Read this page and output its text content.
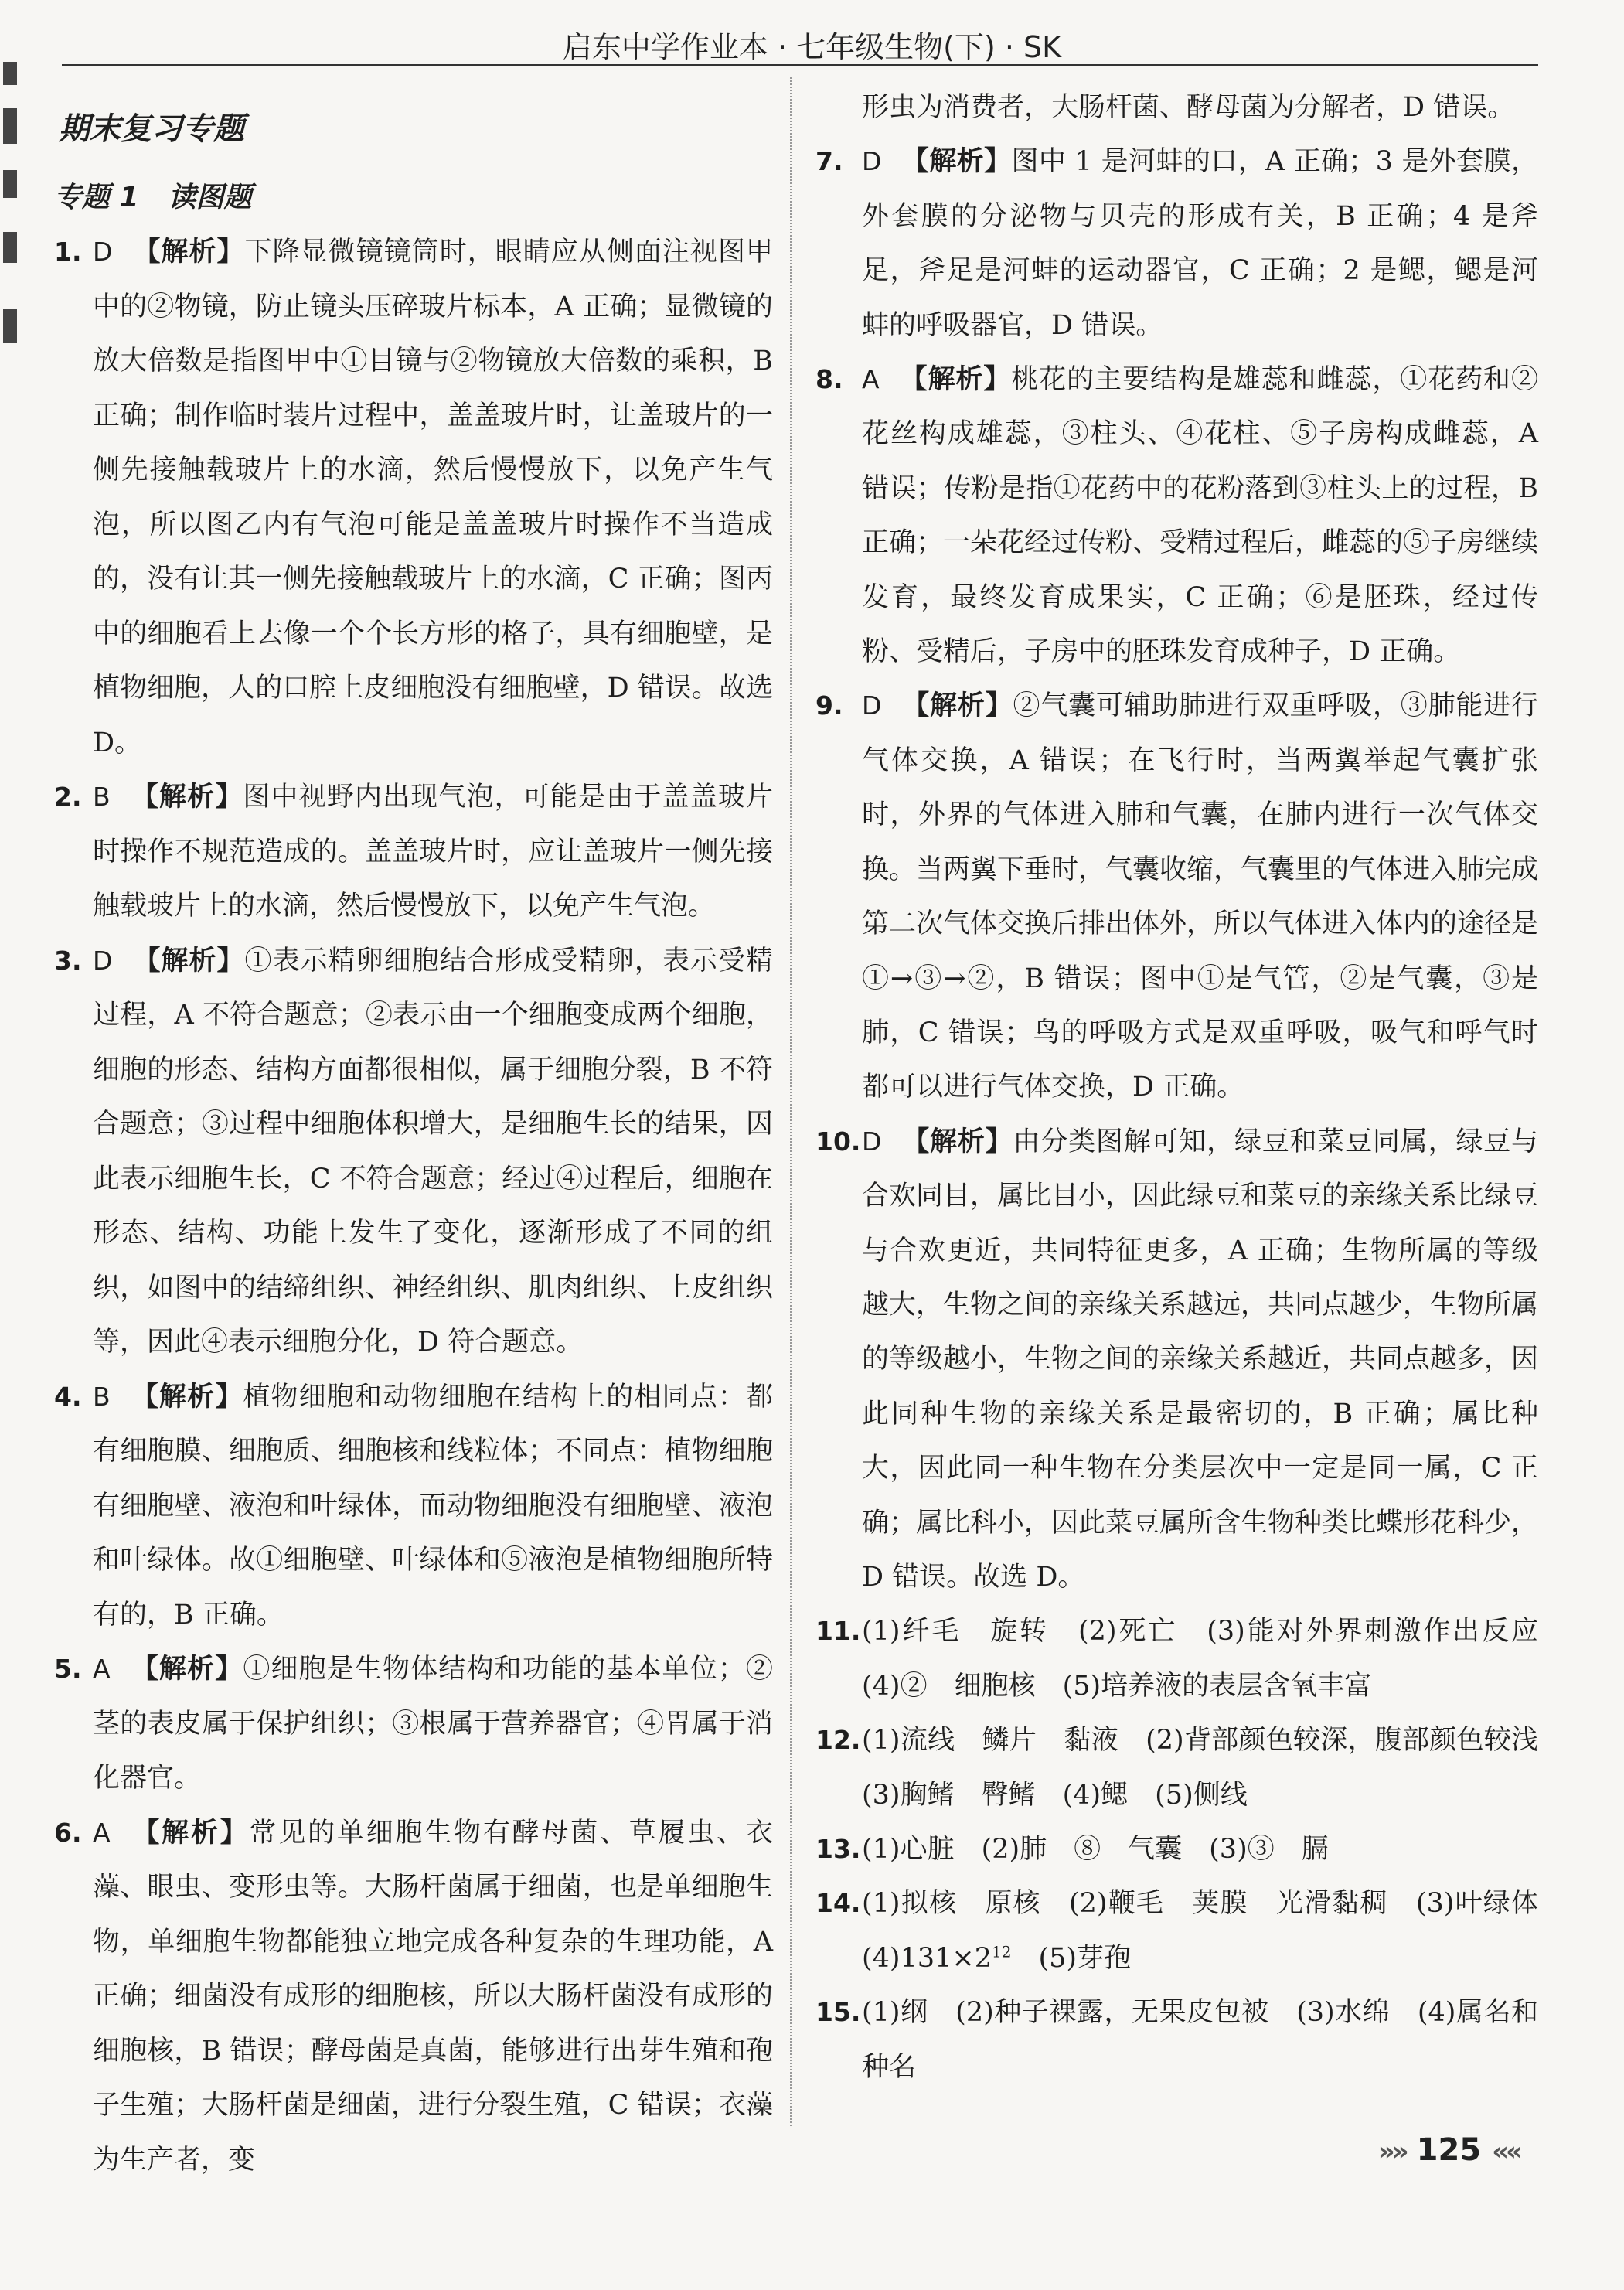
启东中学作业本 · 七年级生物(下) · SK
期末复习专题
专题 1 读图题
1. D 【解析】下降显微镜镜筒时，眼睛应从侧面注视图甲中的②物镜，防止镜头压碎玻片标本，A 正确；显微镜的放大倍数是指图甲中①目镜与②物镜放大倍数的乘积，B 正确；制作临时装片过程中，盖盖玻片时，让盖玻片的一侧先接触载玻片上的水滴，然后慢慢放下，以免产生气泡，所以图乙内有气泡可能是盖盖玻片时操作不当造成的，没有让其一侧先接触载玻片上的水滴，C 正确；图丙中的细胞看上去像一个个长方形的格子，具有细胞壁，是植物细胞，人的口腔上皮细胞没有细胞壁，D 错误。故选 D。
2. B 【解析】图中视野内出现气泡，可能是由于盖盖玻片时操作不规范造成的。盖盖玻片时，应让盖玻片一侧先接触载玻片上的水滴，然后慢慢放下，以免产生气泡。
3. D 【解析】①表示精卵细胞结合形成受精卵，表示受精过程，A 不符合题意；②表示由一个细胞变成两个细胞，细胞的形态、结构方面都很相似，属于细胞分裂，B 不符合题意；③过程中细胞体积增大，是细胞生长的结果，因此表示细胞生长，C 不符合题意；经过④过程后，细胞在形态、结构、功能上发生了变化，逐渐形成了不同的组织，如图中的结缔组织、神经组织、肌肉组织、上皮组织等，因此④表示细胞分化，D 符合题意。
4. B 【解析】植物细胞和动物细胞在结构上的相同点：都有细胞膜、细胞质、细胞核和线粒体；不同点：植物细胞有细胞壁、液泡和叶绿体，而动物细胞没有细胞壁、液泡和叶绿体。故①细胞壁、叶绿体和⑤液泡是植物细胞所特有的，B 正确。
5. A 【解析】①细胞是生物体结构和功能的基本单位；②茎的表皮属于保护组织；③根属于营养器官；④胃属于消化器官。
6. A 【解析】常见的单细胞生物有酵母菌、草履虫、衣藻、眼虫、变形虫等。大肠杆菌属于细菌，也是单细胞生物，单细胞生物都能独立地完成各种复杂的生理功能，A 正确；细菌没有成形的细胞核，所以大肠杆菌没有成形的细胞核，B 错误；酵母菌是真菌，能够进行出芽生殖和孢子生殖；大肠杆菌是细菌，进行分裂生殖，C 错误；衣藻为生产者，变
形虫为消费者，大肠杆菌、酵母菌为分解者，D 错误。
7. D 【解析】图中 1 是河蚌的口，A 正确；3 是外套膜，外套膜的分泌物与贝壳的形成有关，B 正确；4 是斧足，斧足是河蚌的运动器官，C 正确；2 是鳃，鳃是河蚌的呼吸器官，D 错误。
8. A 【解析】桃花的主要结构是雄蕊和雌蕊，①花药和②花丝构成雄蕊，③柱头、④花柱、⑤子房构成雌蕊，A 错误；传粉是指①花药中的花粉落到③柱头上的过程，B 正确；一朵花经过传粉、受精过程后，雌蕊的⑤子房继续发育，最终发育成果实，C 正确；⑥是胚珠，经过传粉、受精后，子房中的胚珠发育成种子，D 正确。
9. D 【解析】②气囊可辅助肺进行双重呼吸，③肺能进行气体交换，A 错误；在飞行时，当两翼举起气囊扩张时，外界的气体进入肺和气囊，在肺内进行一次气体交换。当两翼下垂时，气囊收缩，气囊里的气体进入肺完成第二次气体交换后排出体外，所以气体进入体内的途径是①→③→②，B 错误；图中①是气管，②是气囊，③是肺，C 错误；鸟的呼吸方式是双重呼吸，吸气和呼气时都可以进行气体交换，D 正确。
10. D 【解析】由分类图解可知，绿豆和菜豆同属，绿豆与合欢同目，属比目小，因此绿豆和菜豆的亲缘关系比绿豆与合欢更近，共同特征更多，A 正确；生物所属的等级越大，生物之间的亲缘关系越远，共同点越少，生物所属的等级越小，生物之间的亲缘关系越近，共同点越多，因此同种生物的亲缘关系是最密切的，B 正确；属比种大，因此同一种生物在分类层次中一定是同一属，C 正确；属比科小，因此菜豆属所含生物种类比蝶形花科少，D 错误。故选 D。
11. (1)纤毛　旋转　(2)死亡　(3)能对外界刺激作出反应　(4)②　细胞核　(5)培养液的表层含氧丰富
12. (1)流线　鳞片　黏液　(2)背部颜色较深，腹部颜色较浅　(3)胸鳍　臀鳍　(4)鳃　(5)侧线
13. (1)心脏　(2)肺　⑧　气囊　(3)③　膈
14. (1)拟核　原核　(2)鞭毛　荚膜　光滑黏稠　(3)叶绿体　$(4)131\times 2^{12}$　(5)芽孢
15. (1)纲　(2)种子裸露，无果皮包被　(3)水绵　(4)属名和种名
»» 125 ««
